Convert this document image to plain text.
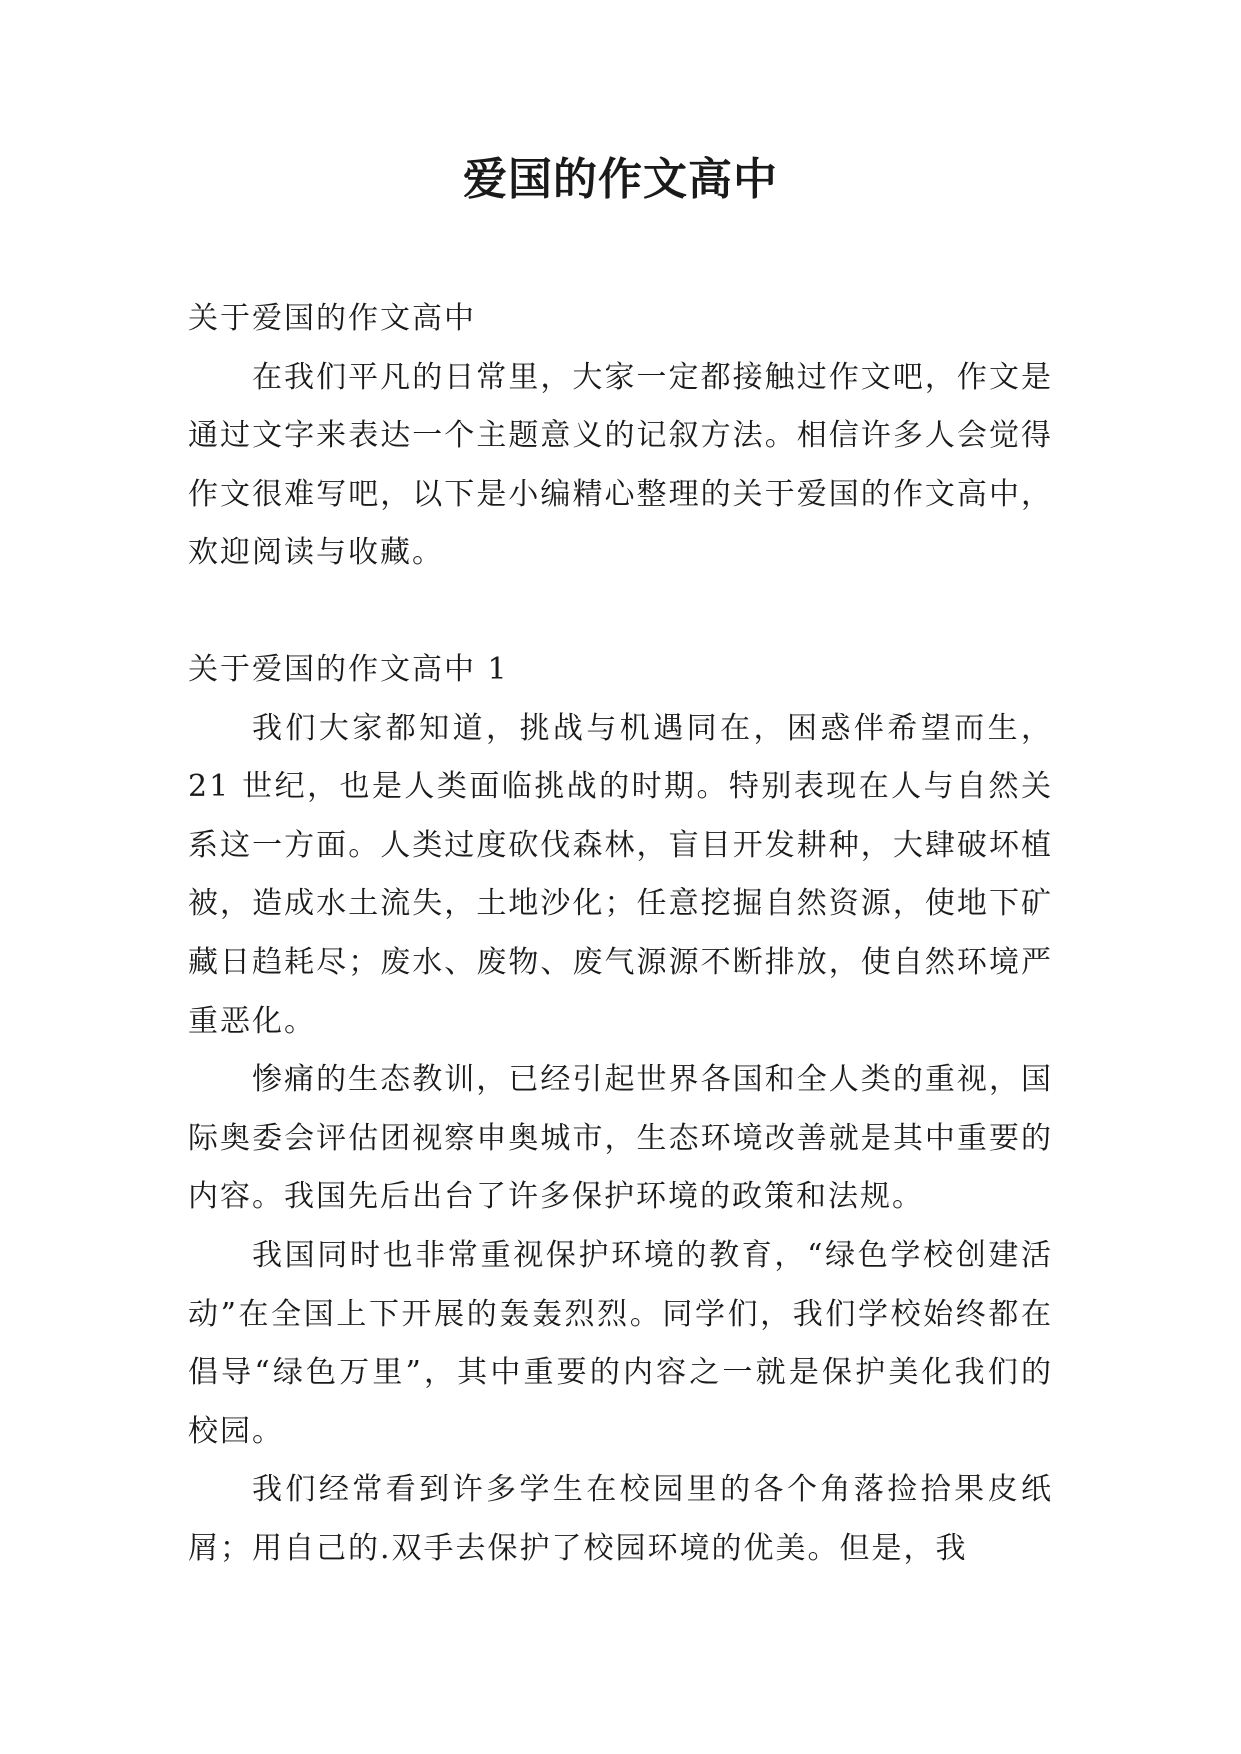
爱国的作文高中

关于爱国的作文高中

在我们平凡的日常里，大家一定都接触过作文吧，作文是通过文字来表达一个主题意义的记叙方法。相信许多人会觉得作文很难写吧，以下是小编精心整理的关于爱国的作文高中，欢迎阅读与收藏。

关于爱国的作文高中 1

我们大家都知道，挑战与机遇同在，困惑伴希望而生，21 世纪，也是人类面临挑战的时期。特别表现在人与自然关系这一方面。人类过度砍伐森林，盲目开发耕种，大肆破坏植被，造成水土流失，土地沙化；任意挖掘自然资源，使地下矿藏日趋耗尽；废水、废物、废气源源不断排放，使自然环境严重恶化。

惨痛的生态教训，已经引起世界各国和全人类的重视，国际奥委会评估团视察申奥城市，生态环境改善就是其中重要的内容。我国先后出台了许多保护环境的政策和法规。

我国同时也非常重视保护环境的教育，“绿色学校创建活动”在全国上下开展的轰轰烈烈。同学们，我们学校始终都在倡导“绿色万里”，其中重要的内容之一就是保护美化我们的校园。

我们经常看到许多学生在校园里的各个角落捡拾果皮纸屑；用自己的.双手去保护了校园环境的优美。但是，我
